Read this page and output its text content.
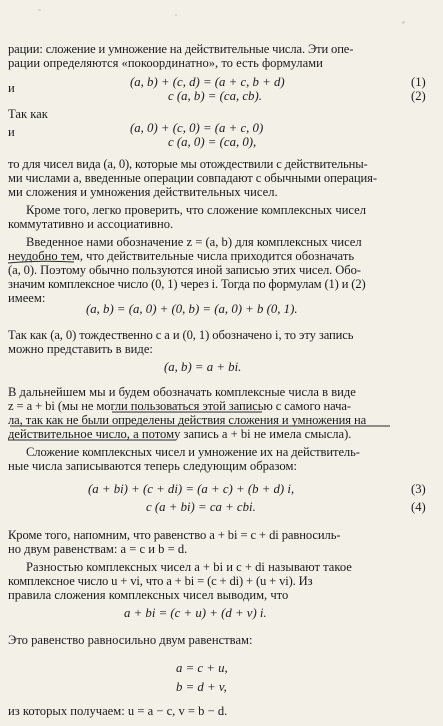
рации: сложение и умножение на действительные числа. Эти опе-
рации определяются «покоординатно», то есть формулами
и	(a, b) + (c, d) = (a + c, b + d)	(1)
c (a, b) = (ca, cb).	(2)
Так как
и	(a, 0) + (c, 0) = (a + c, 0)
c (a, 0) = (ca, 0),
то для чисел вида (a, 0), которые мы отождествили с действительны-
ми числами a, введенные операции совпадают с обычными операция-
ми сложения и умножения действительных чисел.
Кроме того, легко проверить, что сложение комплексных чисел
коммутативно и ассоциативно.
Введенное нами обозначение z = (a, b) для комплексных чисел
неудобно тем, что действительные числа приходится обозначать
(a, 0). Поэтому обычно пользуются иной записью этих чисел. Обо-
значим комплексное число (0, 1) через i. Тогда по формулам (1) и (2)
имеем:
(a, b) = (a, 0) + (0, b) = (a, 0) + b (0, 1).
Так как (a, 0) тождественно с a и (0, 1) обозначено i, то эту запись
можно представить в виде:
(a, b) = a + bi.
В дальнейшем мы и будем обозначать комплексные числа в виде
z = a + bi (мы не могли пользоваться этой записью с самого нача-
ла, так как не были определены действия сложения и умножения на
действительное число, а потому запись a + bi не имела смысла).
Сложение комплексных чисел и умножение их на действитель-
ные числа записываются теперь следующим образом:
(a + bi) + (c + di) = (a + c) + (b + d) i,	(3)
c (a + bi) = ca + cbi.	(4)
Кроме того, напомним, что равенство a + bi = c + di равносиль-
но двум равенствам: a = c и b = d.
Разностью комплексных чисел a + bi и c + di называют такое
комплексное число u + vi, что a + bi = (c + di) + (u + vi). Из
правила сложения комплексных чисел выводим, что
a + bi = (c + u) + (d + v) i.
Это равенство равносильно двум равенствам:
a = c + u,
b = d + v,
из которых получаем: u = a − c, v = b − d.
